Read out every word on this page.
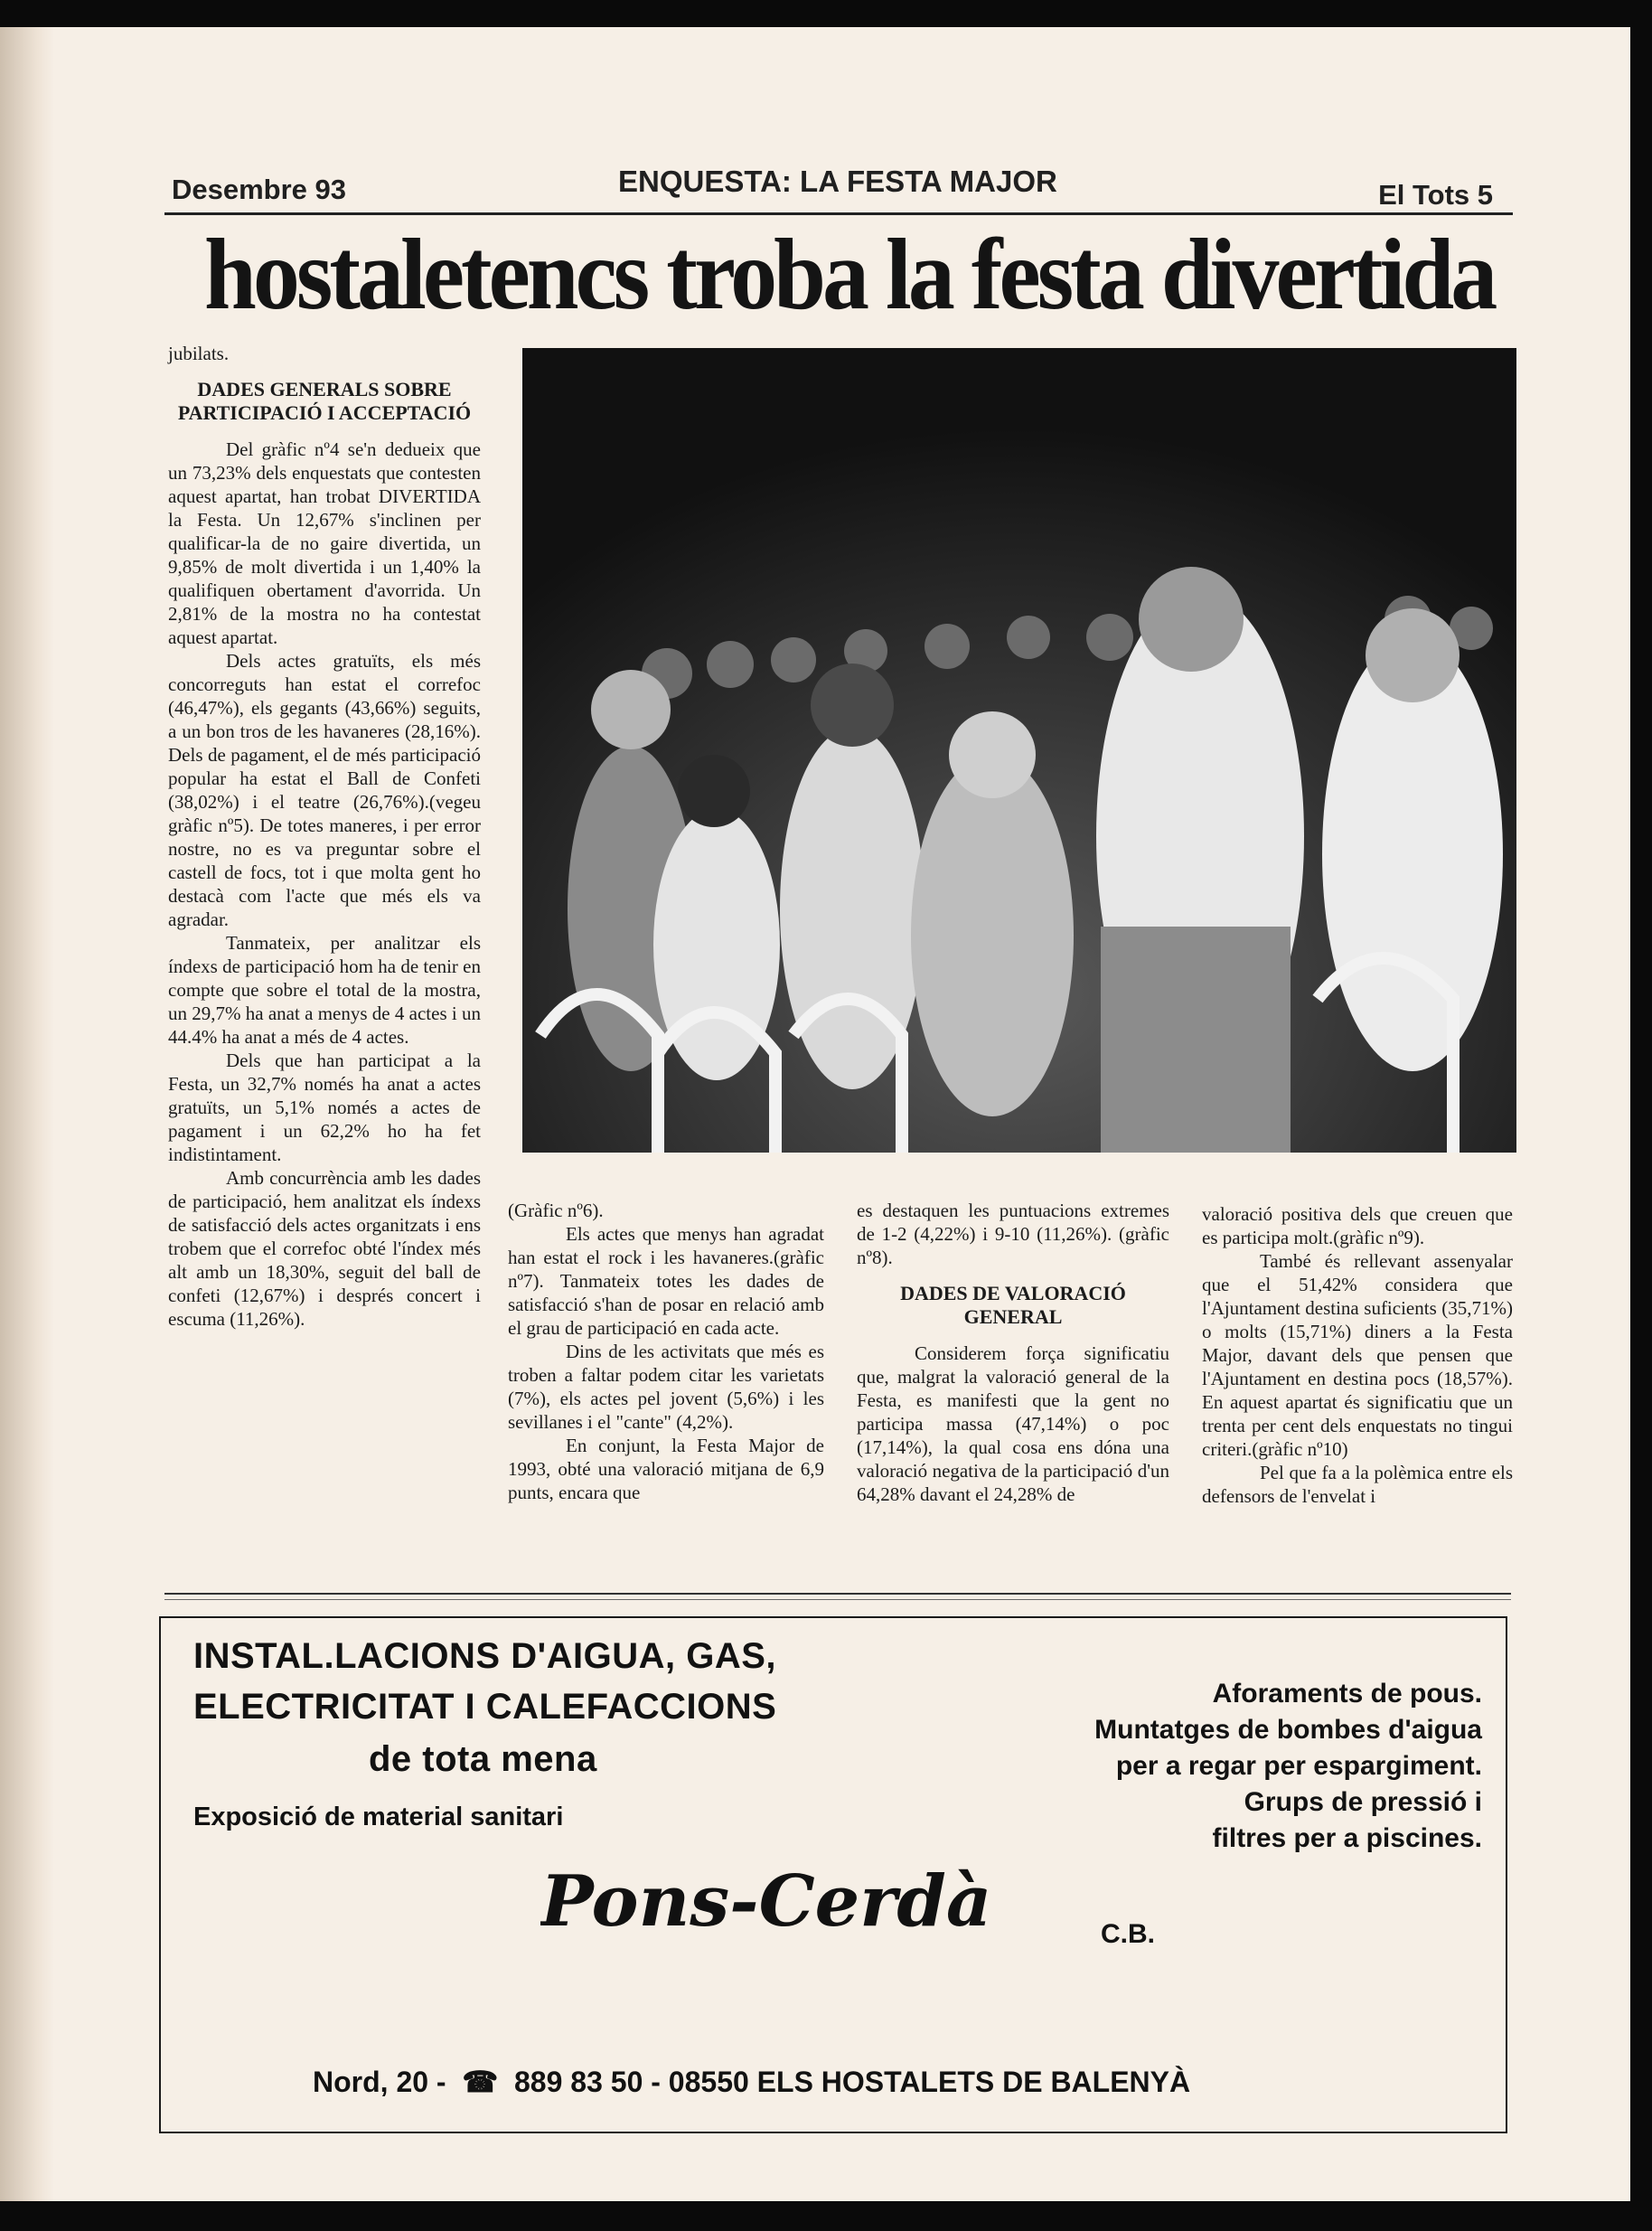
Desembre 93	ENQUESTA: LA FESTA MAJOR	El Tots 5
hostaletencs troba la festa divertida

jubilats.

DADES GENERALS SOBRE PARTICIPACIÓ I ACCEPTACIÓ

Del gràfic nº4 se'n dedueix que un 73,23% dels enquestats que contesten aquest apartat, han trobat DIVERTIDA la Festa. Un 12,67% s'inclinen per qualificar-la de no gaire divertida, un 9,85% de molt divertida i un 1,40% la qualifiquen obertament d'avorrida. Un 2,81% de la mostra no ha contestat aquest apartat.

Dels actes gratuïts, els més concorreguts han estat el correfoc (46,47%), els gegants (43,66%) seguits, a un bon tros de les havaneres (28,16%). Dels de pagament, el de més participació popular ha estat el Ball de Confeti (38,02%) i el teatre (26,76%).(vegeu gràfic nº5). De totes maneres, i per error nostre, no es va preguntar sobre el castell de focs, tot i que molta gent ho destacà com l'acte que més els va agradar.

Tanmateix, per analitzar els índexs de participació hom ha de tenir en compte que sobre el total de la mostra, un 29,7% ha anat a menys de 4 actes i un 44.4% ha anat a més de 4 actes.

Dels que han participat a la Festa, un 32,7% només ha anat a actes gratuïts, un 5,1% només a actes de pagament i un 62,2% ho ha fet indistintament.

Amb concurrència amb les dades de participació, hem analitzat els índexs de satisfacció dels actes organitzats i ens trobem que el correfoc obté l'índex més alt amb un 18,30%, seguit del ball de confeti (12,67%) i després concert i escuma (11,26%).

(Gràfic nº6).

Els actes que menys han agradat han estat el rock i les havaneres.(gràfic nº7). Tanmateix totes les dades de satisfacció s'han de posar en relació amb el grau de participació en cada acte.

Dins de les activitats que més es troben a faltar podem citar les varietats (7%), els actes pel jovent (5,6%) i les sevillanes i el "cante" (4,2%).

En conjunt, la Festa Major de 1993, obté una valoració mitjana de 6,9 punts, encara que

es destaquen les puntuacions extremes de 1-2 (4,22%) i 9-10 (11,26%). (gràfic nº8).

DADES DE VALORACIÓ GENERAL

Considerem força significatiu que, malgrat la valoració general de la Festa, es manifesti que la gent no participa massa (47,14%) o poc (17,14%), la qual cosa ens dóna una valoració negativa de la participació d'un 64,28% davant el 24,28% de

valoració positiva dels que creuen que es participa molt.(gràfic nº9).

També és rellevant assenyalar que el 51,42% considera que l'Ajuntament destina suficients (35,71%) o molts (15,71%) diners a la Festa Major, davant dels que pensen que l'Ajuntament en destina pocs (18,57%). En aquest apartat és significatiu que un trenta per cent dels enquestats no tingui criteri.(gràfic nº10)

Pel que fa a la polèmica entre els defensors de l'envelat i

INSTAL.LACIONS D'AIGUA, GAS,
ELECTRICITAT I CALEFACCIONS
de tota mena
Exposició de material sanitari
Aforaments de pous.
Muntatges de bombes d'aigua
per a regar per espargiment.
Grups de pressió i
filtres per a piscines.
Pons-Cerdà	C.B.
Nord, 20 -  ☎  889 83 50 - 08550 ELS HOSTALETS DE BALENYÀ
